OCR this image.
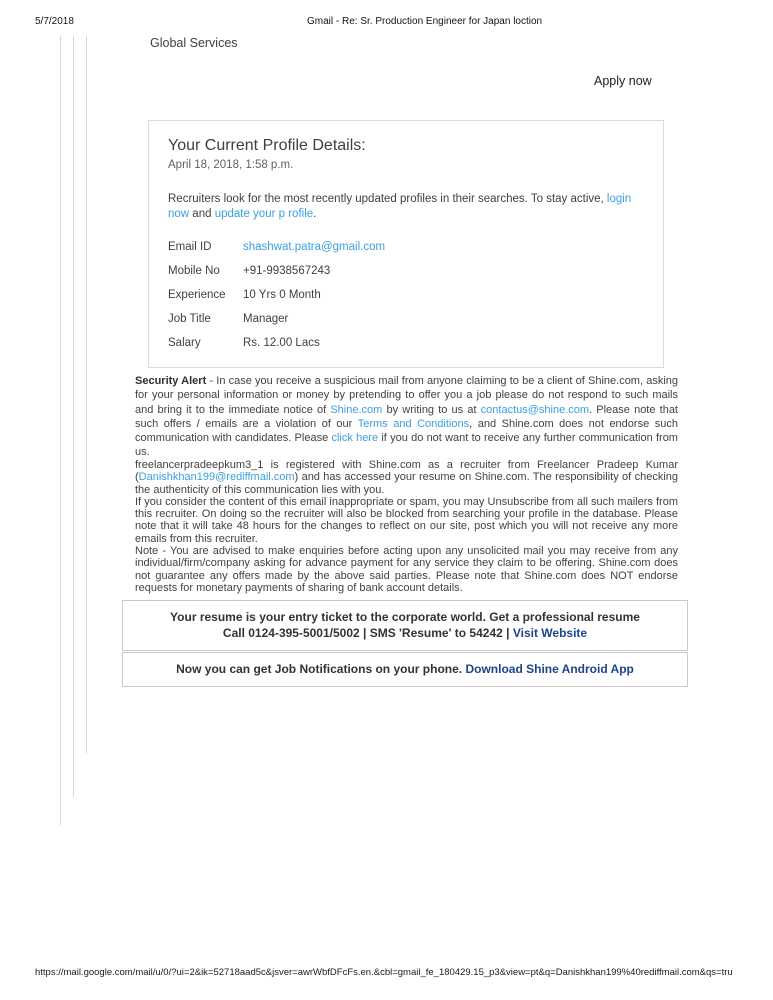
5/7/2018	Gmail - Re: Sr. Production Engineer for Japan loction
Global Services
Apply now
Your Current Profile Details:
April 18, 2018, 1:58 p.m.
Recruiters look for the most recently updated profiles in their searches. To stay active, login now and update your p rofile.
Email ID	shashwat.patra@gmail.com
Mobile No	+91-9938567243
Experience	10 Yrs 0 Month
Job Title	Manager
Salary	Rs. 12.00 Lacs
Security Alert - In case you receive a suspicious mail from anyone claiming to be a client of Shine.com, asking for your personal information or money by pretending to offer you a job please do not respond to such mails and bring it to the immediate notice of Shine.com by writing to us at contactus@shine.com. Please note that such offers / emails are a violation of our Terms and Conditions, and Shine.com does not endorse such communication with candidates. Please click here if you do not want to receive any further communication from us.

freelancerpradeepkum3_1 is registered with Shine.com as a recruiter from Freelancer Pradeep Kumar (Danishkhan199@rediffmail.com) and has accessed your resume on Shine.com. The responsibility of checking the authenticity of this communication lies with you.

If you consider the content of this email inappropriate or spam, you may Unsubscribe from all such mailers from this recruiter. On doing so the recruiter will also be blocked from searching your profile in the database. Please note that it will take 48 hours for the changes to reflect on our site, post which you will not receive any more emails from this recruiter.

Note - You are advised to make enquiries before acting upon any unsolicited mail you may receive from any individual/firm/company asking for advance payment for any service they claim to be offering. Shine.com does not guarantee any offers made by the above said parties. Please note that Shine.com does NOT endorse requests for monetary payments of sharing of bank account details.

Your resume is your entry ticket to the corporate world. Get a professional resume
Call 0124-395-5001/5002 | SMS 'Resume' to 54242 | Visit Website
Now you can get Job Notifications on your phone. Download Shine Android App
https://mail.google.com/mail/u/0/?ui=2&ik=52718aad5c&jsver=awrWbfDFcFs.en.&cbl=gmail_fe_180429.15_p3&view=pt&q=Danishkhan199%40rediffmail.com&qs=tru
